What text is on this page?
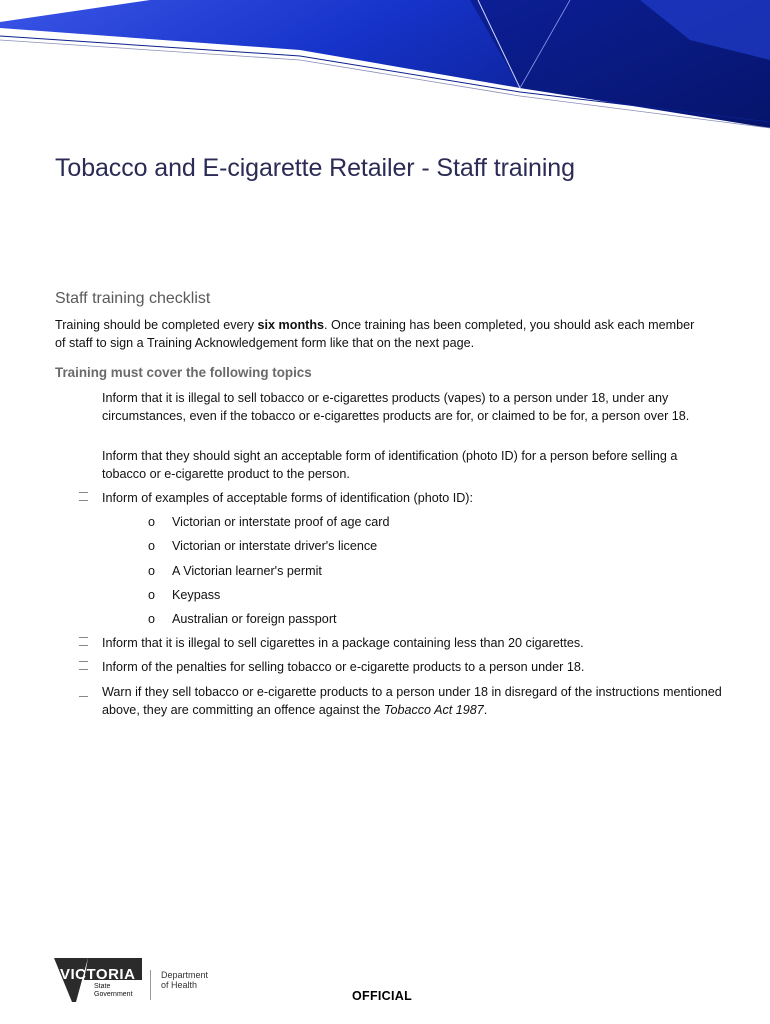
Tobacco and E-cigarette Retailer - Staff training
Staff training checklist
Training should be completed every six months. Once training has been completed, you should ask each member of staff to sign a Training Acknowledgement form like that on the next page.
Training must cover the following topics
Inform that it is illegal to sell tobacco or e-cigarettes products (vapes) to a person under 18, under any circumstances, even if the tobacco or e-cigarettes products are for, or claimed to be for, a person over 18.
Inform that they should sight an acceptable form of identification (photo ID) for a person before selling a tobacco or e-cigarette product to the person.
Inform of examples of acceptable forms of identification (photo ID):
o Victorian or interstate proof of age card
o Victorian or interstate driver's licence
o A Victorian learner's permit
o Keypass
o Australian or foreign passport
Inform that it is illegal to sell cigarettes in a package containing less than 20 cigarettes.
Inform of the penalties for selling tobacco or e-cigarette products to a person under 18.
Warn if they sell tobacco or e-cigarette products to a person under 18 in disregard of the instructions mentioned above, they are committing an offence against the Tobacco Act 1987.
VICTORIA
State
Government
Department
of Health
OFFICIAL
